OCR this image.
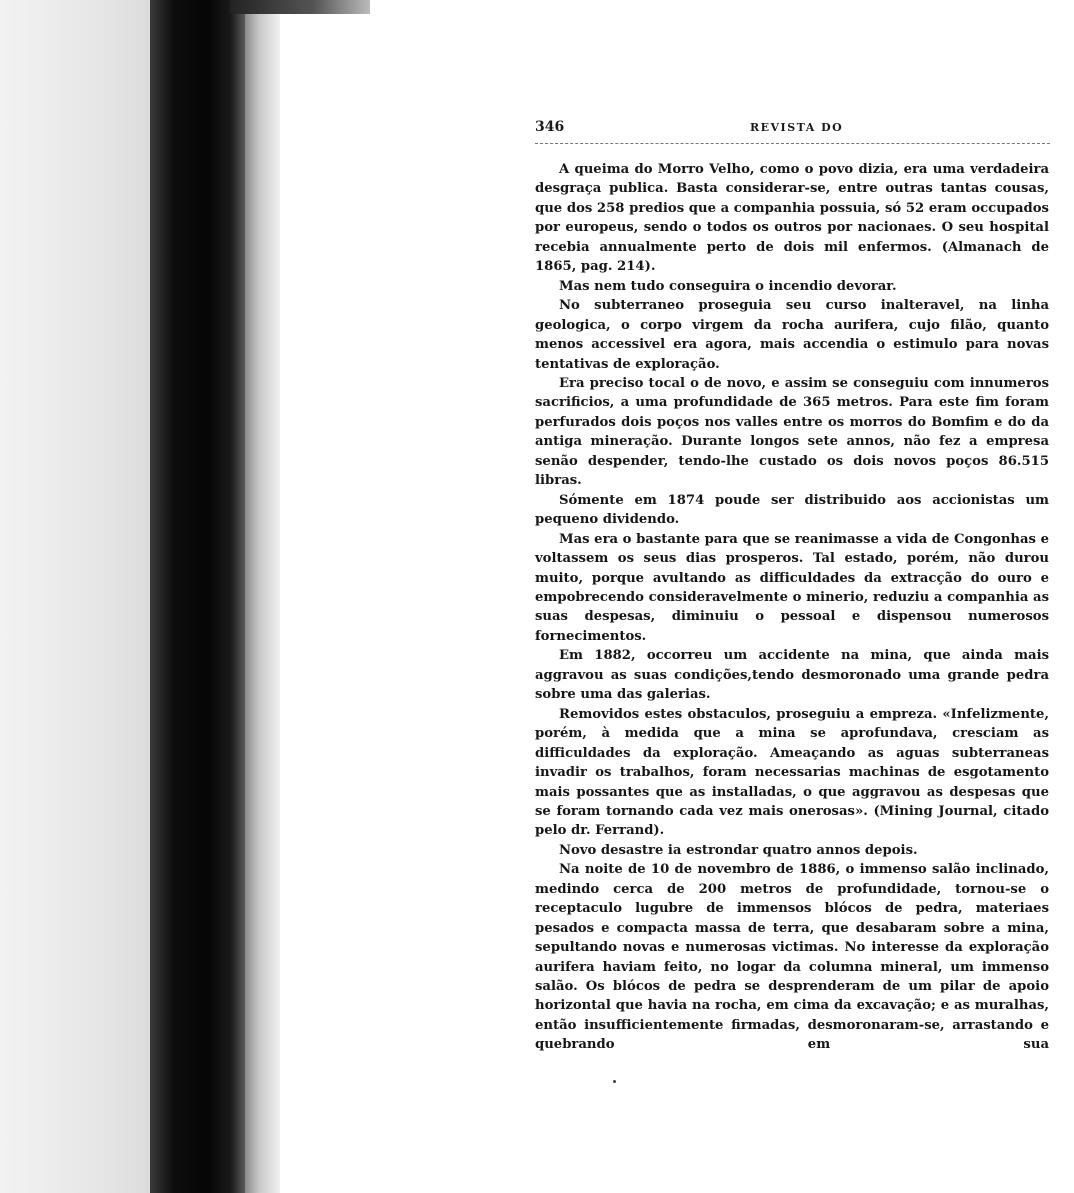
346	REVISTA DO

A queima do Morro Velho, como o povo dizia, era uma verdadeira desgraça publica. Basta considerar-se, entre outras tantas cousas, que dos 258 predios que a companhia possuia, só 52 eram occupados por europeus, sendo o todos os outros por nacionaes. O seu hospital recebia annualmente perto de dois mil enfermos. (Almanach de 1865, pag. 214).

Mas nem tudo conseguira o incendio devorar.

No subterraneo proseguia seu curso inalteravel, na linha geologica, o corpo virgem da rocha aurifera, cujo filão, quanto menos accessivel era agora, mais accendia o estimulo para novas tentativas de exploração.

Era preciso tocal o de novo, e assim se conseguiu com innumeros sacrificios, a uma profundidade de 365 metros. Para este fim foram perfurados dois poços nos valles entre os morros do Bomfim e do da antiga mineração. Durante longos sete annos, não fez a empresa senão despender, tendo-lhe custado os dois novos poços 86.515 libras.

Sómente em 1874 poude ser distribuido aos accionistas um pequeno dividendo.

Mas era o bastante para que se reanimasse a vida de Congonhas e voltassem os seus dias prosperos. Tal estado, porém, não durou muito, porque avultando as difficuldades da extracção do ouro e empobrecendo consideravelmente o minerio, reduziu a companhia as suas despesas, diminuiu o pessoal e dispensou numerosos fornecimentos.

Em 1882, occorreu um accidente na mina, que ainda mais aggravou as suas condições,tendo desmoronado uma grande pedra sobre uma das galerias.

Removidos estes obstaculos, proseguiu a empreza. «Infelizmente, porém, à medida que a mina se aprofundava, cresciam as difficuldades da exploração. Ameaçando as aguas subterraneas invadir os trabalhos, foram necessarias machinas de esgotamento mais possantes que as installadas, o que aggravou as despesas que se foram tornando cada vez mais onerosas». (Mining Journal, citado pelo dr. Ferrand).

Novo desastre ia estrondar quatro annos depois.

Na noite de 10 de novembro de 1886, o immenso salão inclinado, medindo cerca de 200 metros de profundidade, tornou-se o receptaculo lugubre de immensos blócos de pedra, materiaes pesados e compacta massa de terra, que desabaram sobre a mina, sepultando novas e numerosas victimas. No interesse da exploração aurifera haviam feito, no logar da columna mineral, um immenso salão. Os blócos de pedra se desprenderam de um pilar de apoio horizontal que havia na rocha, em cima da excavação; e as muralhas, então insufficientemente firmadas, desmoronaram-se, arrastando e quebrando em sua
